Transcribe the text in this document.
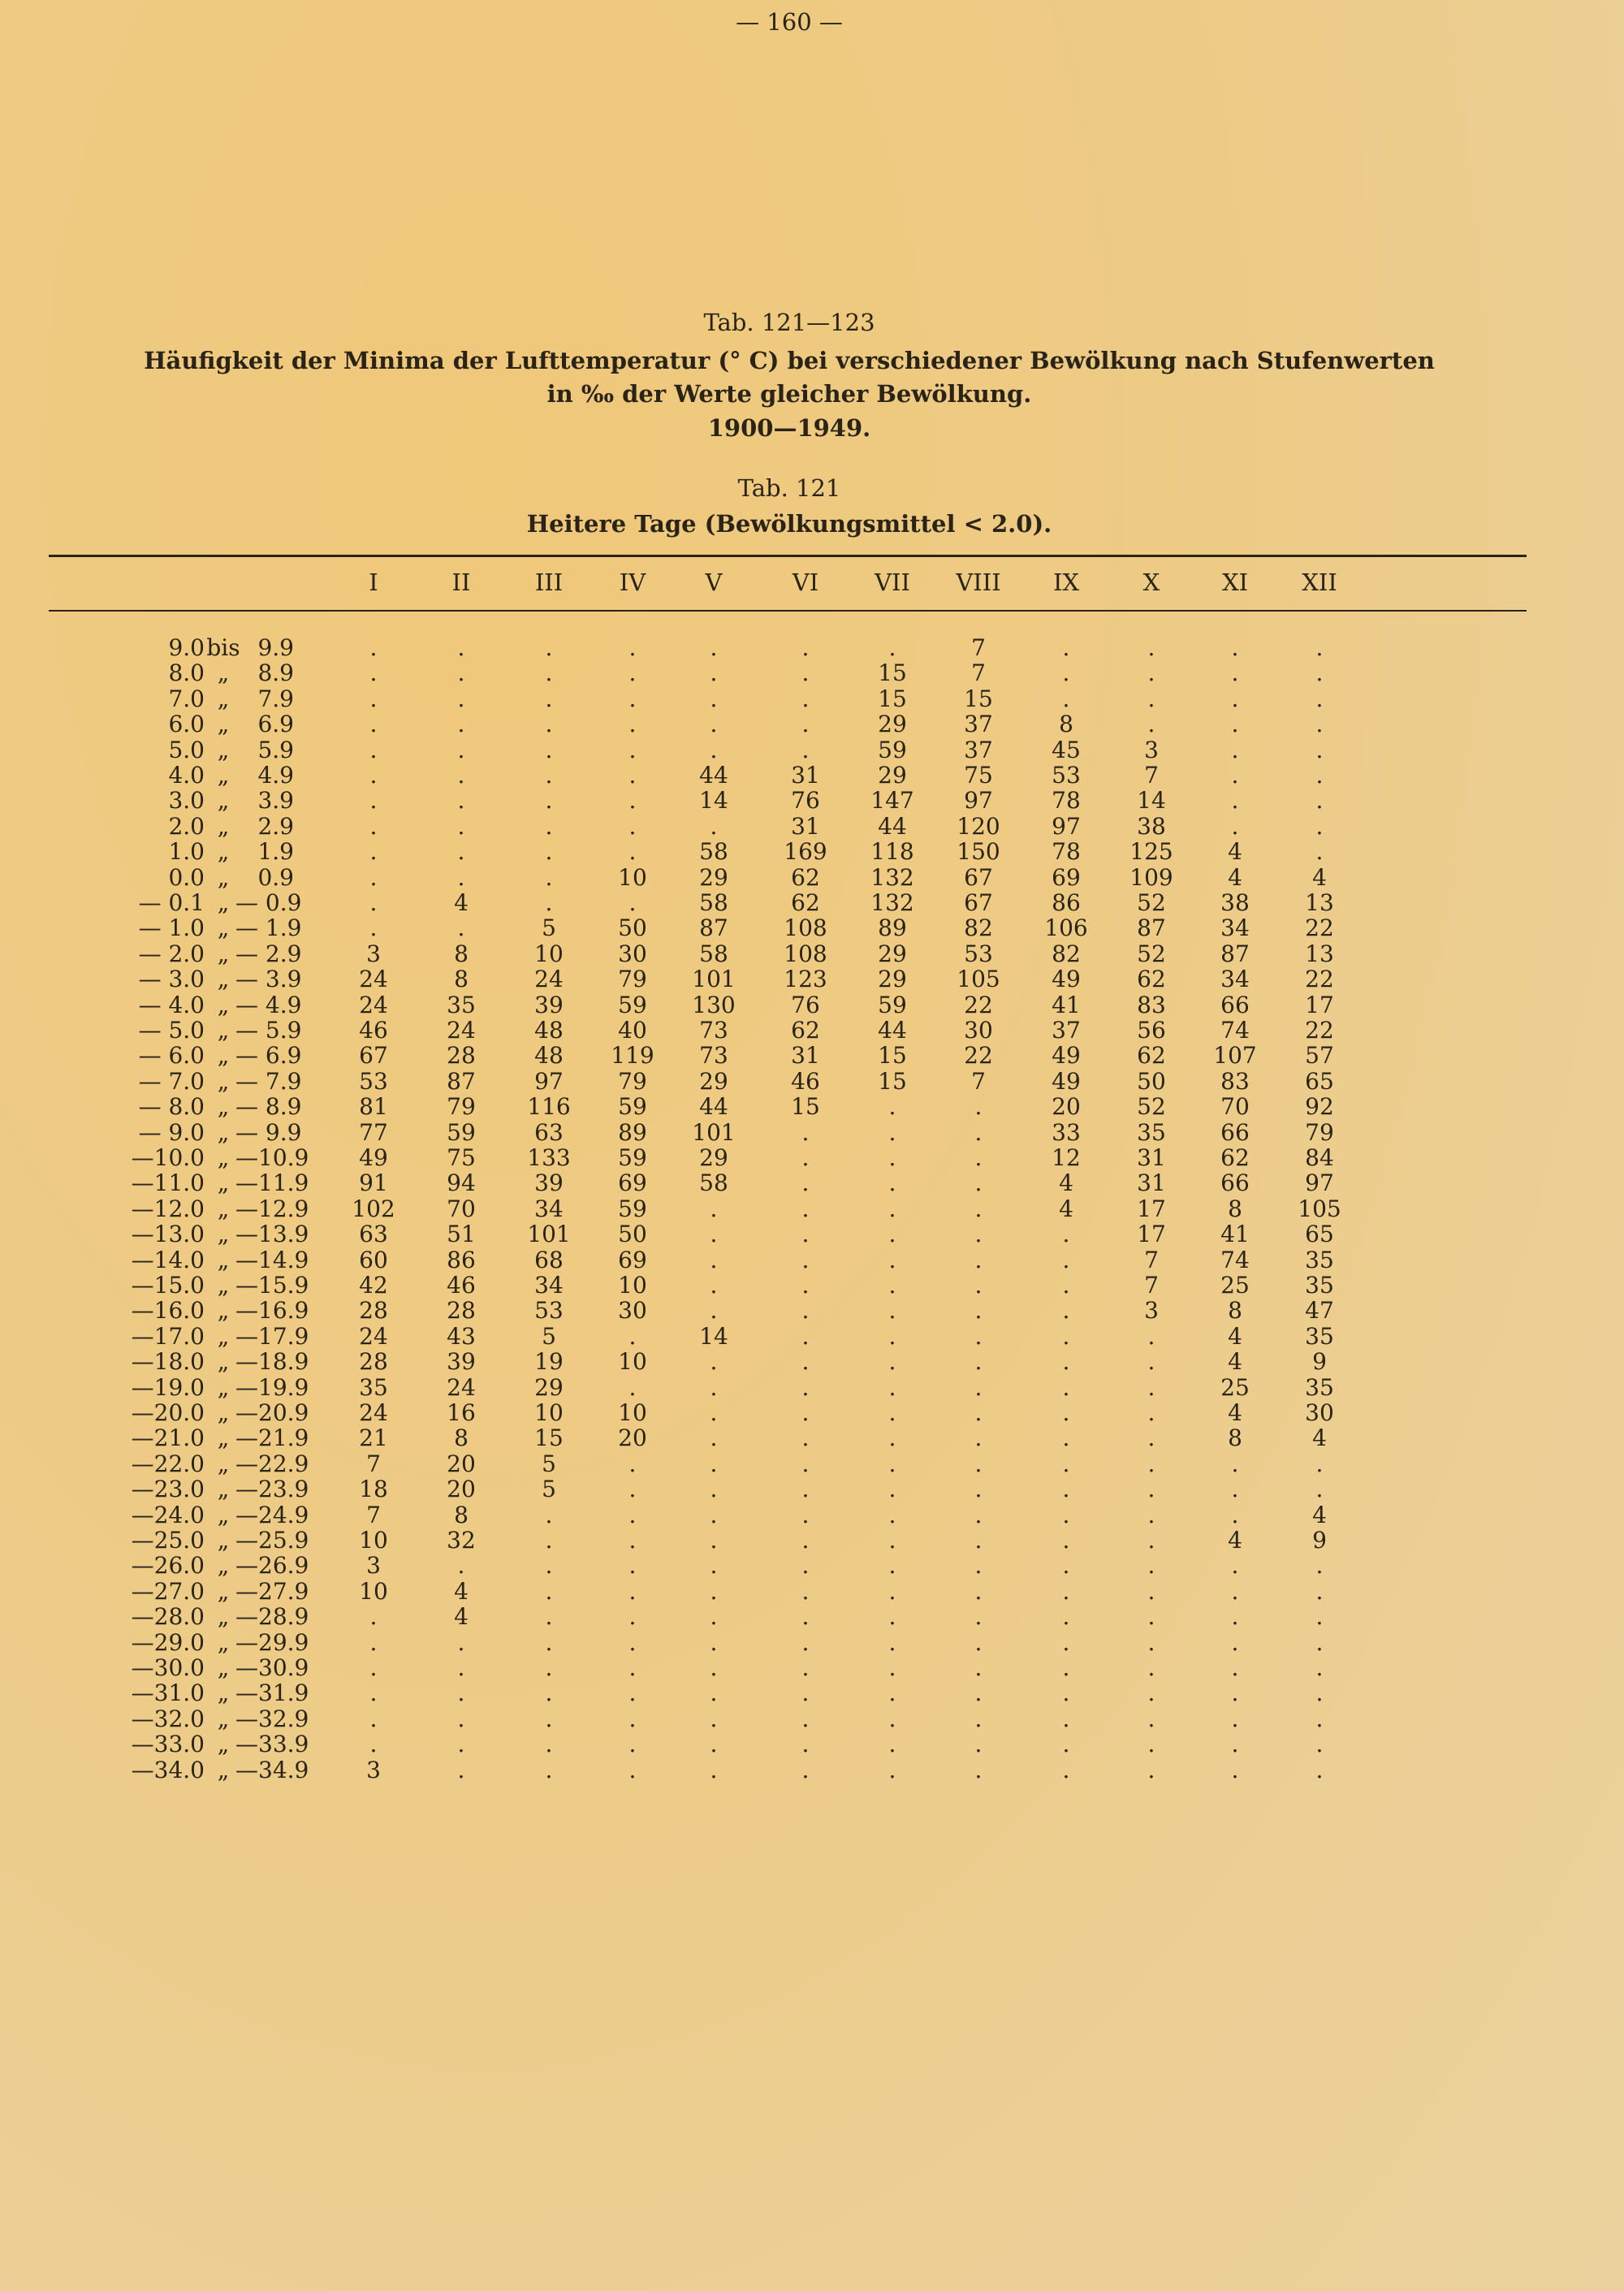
— 160 —
Tab. 121—123
Häufigkeit der Minima der Lufttemperatur (° C) bei verschiedener Bewölkung nach Stufenwerten
in ‰ der Werte gleicher Bewölkung.
1900—1949.
Tab. 121
Heitere Tage (Bewölkungsmittel < 2.0).
I	II	III IV	V	VI VII VIII IX	X	XI XII
9.0 bis 9.9	.	.	.	.	.	.	.	7	.	.	.	.
8.0 „	8.9	.	.	.	.	.	.	15	7	.	.	.	.
7.0 „	7.9	.	.	.	.	.	.	15	15	.	.	.	.
6.0 „	6.9	.	.	.	.	.	.	29	37	8	.	.	.
5.0 „	5.9	.	.	.	.	.	.	59	37	45	3	.	.
4.0 „	4.9	.	.	.	.	44	31	29	75	53	7	.	.
3.0 „	3.9	.	.	.	.	14	76 147 97	78 14	.	.
2.0 „	2.9	.	.	.	.	.	31	44 120 97 38	.	.
1.0 „	1.9	.	.	.	.	58 169 118 150 78 125 4	.
0.0 „	0.9	.	.	.	10 29	62 132 67	69 109 4	4
— 0.1 „ — 0.9	.	4	.	.	58	62 132 67	86 52 38 13
— 1.0 „ — 1.9	.	.	5	50 87 108 89	82 106 87 34 22
— 2.0 „ — 2.9	3	8	10 30 58 108 29	53	82 52 87 13
— 3.0 „ — 3.9	24	8	24 79 101 123 29 105 49 62 34 22
— 4.0 „ — 4.9	24	35	39 59 130 76	59	22	41 83 66 17
— 5.0 „ — 5.9	46	24	48 40 73	62	44	30	37 56 74 22
— 6.0 „ — 6.9	67	28	48 119 73	31	15	22	49 62 107 57
— 7.0 „ — 7.9	53	87	97 79 29	46	15	7	49 50 83 65
— 8.0 „ — 8.9	81	79 116 59 44	15	.	.	20 52 70 92
— 9.0 „ — 9.9	77	59	63 89 101	.	.	.	33 35 66 79
—10.0 „ —10.9 49	75 133 59 29	.	.	.	12 31 62 84
—11.0 „ —11.9 91	94	39 69 58	.	.	.	4	31 66 97
—12.0 „ —12.9 102 70	34 59	.	.	.	.	4	17	8 105
—13.0 „ —13.9 63	51 101 50	.	.	.	.	.	17 41 65
—14.0 „ —14.9 60	86	68 69	.	.	.	.	.	7	74 35
—15.0 „ —15.9 42	46	34 10	.	.	.	.	.	7	25 35
—16.0 „ —16.9 28	28	53 30	.	.	.	.	.	3	8	47
—17.0 „ —17.9 24	43	5	.	14	.	.	.	.	.	4	35
—18.0 „ —18.9 28	39	19 10	.	.	.	.	.	.	4	9
—19.0 „ —19.9 35	24	29	.	.	.	.	.	.	.	25 35
—20.0 „ —20.9 24	16	10 10	.	.	.	.	.	.	4	30
—21.0 „ —21.9 21	8	15 20	.	.	.	.	.	.	8	4
—22.0 „ —22.9	7	20	5	.	.	.	.	.	.	.	.	.
—23.0 „ —23.9 18	20	5	.	.	.	.	.	.	.	.	.
—24.0 „ —24.9	7	8	.	.	.	.	.	.	.	.	.	4
—25.0 „ —25.9 10	32	.	.	.	.	.	.	.	.	4	9
—26.0 „ —26.9	3	.	.	.	.	.	.	.	.	.	.	.
—27.0 „ —27.9 10	4	.	.	.	.	.	.	.	.	.	.
—28.0 „ —28.9	.	4	.	.	.	.	.	.	.	.	.	.
—29.0 „ —29.9	.	.	.	.	.	.	.	.	.	.	.	.
—30.0 „ —30.9	.	.	.	.	.	.	.	.	.	.	.	.
—31.0 „ —31.9	.	.	.	.	.	.	.	.	.	.	.	.
—32.0 „ —32.9	.	.	.	.	.	.	.	.	.	.	.	.
—33.0 „ —33.9	.	.	.	.	.	.	.	.	.	.	.	.
—34.0 „ —34.9	3	.	.	.	.	.	.	.	.	.	.	.
